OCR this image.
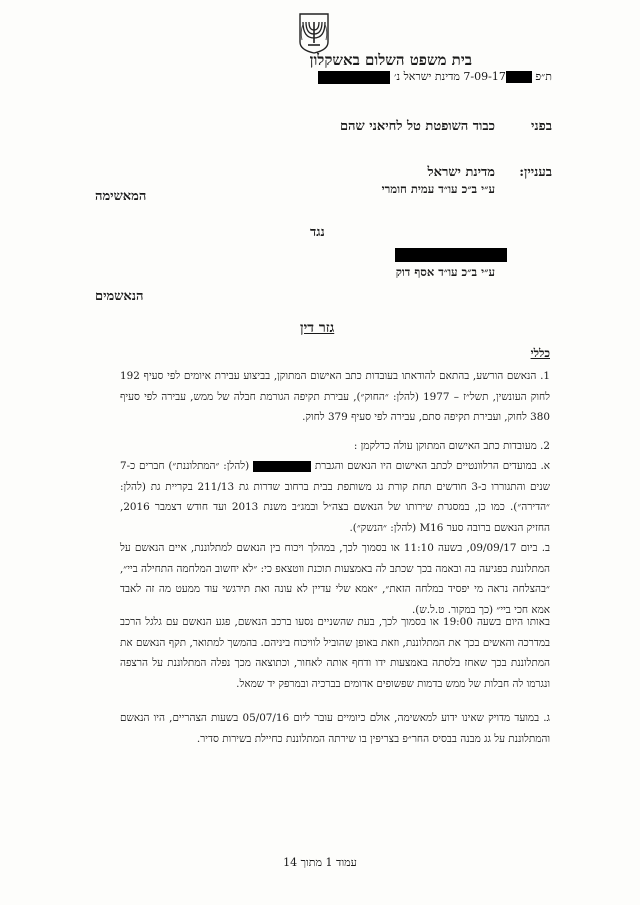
בית משפט השלום באשקלון
ת״פ 7-09-17 מדינת ישראל נ׳
בפני
כבוד השופטת טל לחיאני שהם
בעניין:
מדינת ישראל
ע״י ב״כ עו״ד עמית חומרי
המאשימה
נגד
ע״י ב״כ עו״ד אסף דוק
הנאשמים
גזר דין
כללי
1. הנאשם הורשע, בהתאם להודאתו בעובדות כתב האישום המתוקן, בביצוע עבירת איומים לפי סעיף 192 לחוק העונשין, תשל״ז – 1977 (להלן: ״החוק״), עבירת תקיפה הגורמת חבלה של ממש, עבירה לפי סעיף 380 לחוק, ועבירת תקיפה סתם, עבירה לפי סעיף 379 לחוק.
2. מעובדות כתב האישום המתוקן עולה כדלקמן :
א. במועדים הרלוונטיים לכתב האישום היו הנאשם והגברת  (להלן: ״המתלוננת״) חברים כ-7 שנים והתגוררו כ-3 חודשים תחת קורת גג משותפת בבית ברחוב שדרות גת 211/13 בקריית גת (להלן: ״הדירה״). כמו כן, במסגרת שירותו של הנאשם בצה״ל ובמג״ב משנת 2013 ועד חודש דצמבר 2016, החזיק הנאשם ברובה סער M16 (להלן: ״הנשק״).
ב. ביום 09/09/17, בשעה 11:10 או בסמוך לכך, במהלך ויכוח בין הנאשם למתלוננת, איים הנאשם על המתלוננת בפגיעה בה ובאמה בכך שכתב לה באמצעות תוכנת ווטצאפ כי: ״לא יחשוב המלחמה התחילה ביי״, ״בהצלחה נראה מי יפסיד במלחה הזאת״, ״אמא שלי עדיין לא עונה ואת תירגשי עוד ממעט מה זה לאבד אמא חכי ביי״ (כך במקור. ט.ל.ש).
באותו היום בשעה 19:00 או בסמוך לכך, בעת שהשניים נסעו ברכב הנאשם, פגע הנאשם עם גלגל הרכב במדרכה והאשים בכך את המתלוננת, וזאת באופן שהוביל לוויכוח ביניהם. בהמשך למתואר, תקף הנאשם את המתלוננת בכך שאחז בלסתה באמצעות ידו ודחף אותה לאחור, וכתוצאה מכך נפלה המתלוננת על הרצפה ונגרמו לה חבלות של ממש בדמות שפשופים אדומים בברכיה ובמרפק יד שמאל.
ג. במועד מדויק שאינו ידוע למאשימה, אולם כיומיים עובר ליום 05/07/16 בשעות הצהריים, היו הנאשם והמתלוננת על גג מבנה בבסיס החר״פ בצריפין בו שירתה המתלוננת כחיילת בשירות סדיר.
עמוד 1 מתוך 14
